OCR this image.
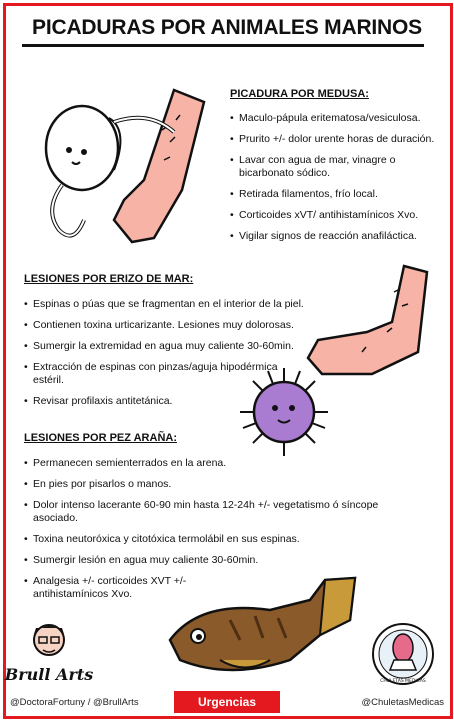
PICADURAS POR ANIMALES MARINOS
PICADURA POR MEDUSA:
• Maculo-pápula eritematosa/vesiculosa.
• Prurito +/- dolor urente horas de duración.
• Lavar con agua de mar, vinagre o bicarbonato sódico.
• Retirada filamentos, frío local.
• Corticoides xVT/ antihistamínicos Xvo.
• Vigilar signos de reacción anafiláctica.
LESIONES POR ERIZO DE MAR:
• Espinas o púas que se fragmentan en el interior de la piel.
• Contienen toxina urticarizante. Lesiones muy dolorosas.
• Sumergir la extremidad en agua muy caliente 30-60min.
• Extracción de espinas con pinzas/aguja hipodérmica estéril.
• Revisar profilaxis antitetánica.
LESIONES POR PEZ ARAÑA:
• Permanecen semienterrados en la arena.
• En pies por pisarlos o manos.
• Dolor intenso lacerante 60-90 min hasta 12-24h +/- vegetatismo ó síncope asociado.
• Toxina neutoróxica y citotóxica termolábil en sus espinas.
• Sumergir lesión en agua muy caliente 30-60min.
• Analgesia +/- corticoides XVT +/- antihistamínicos Xvo.
Brull Arts	CHULETAS MEDICAS
@DoctoraFortuny / @BrullArts	Urgencias	@ChuletasMedicas
